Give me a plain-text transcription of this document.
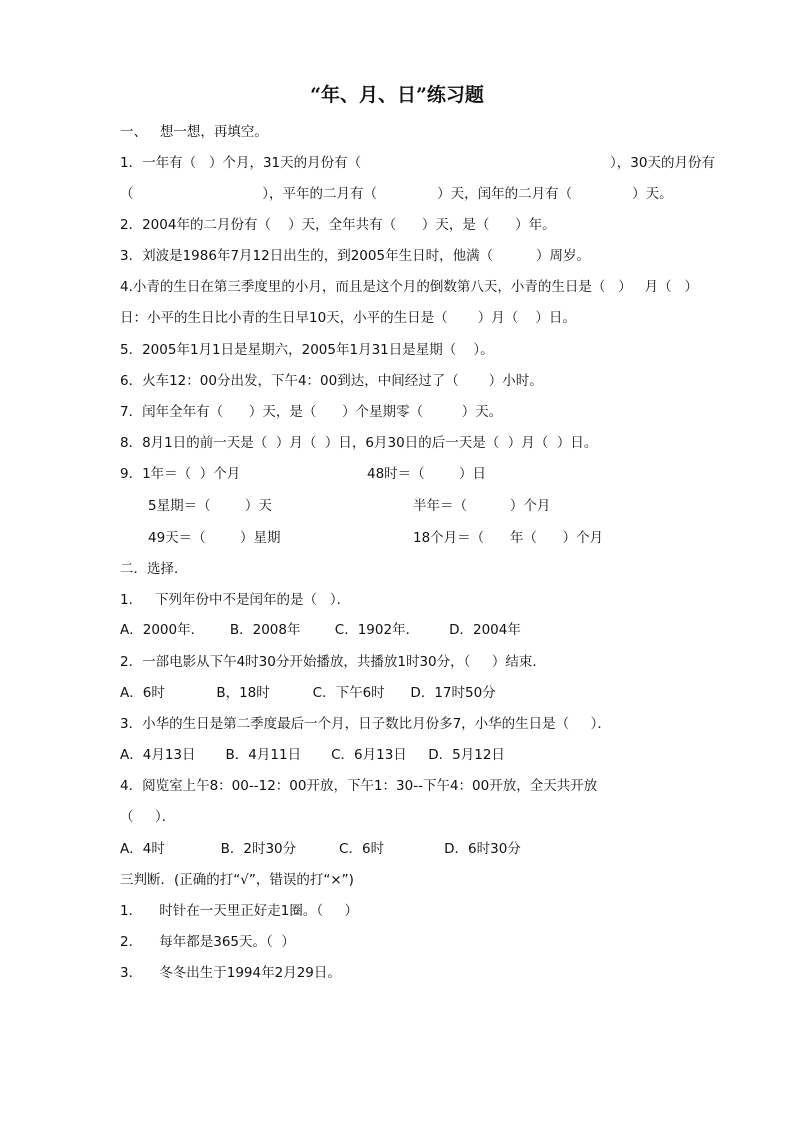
“年、月、日”练习题
一、   想一想，再填空。
1．一年有（   ）个月，31天的月份有（                                                          ），30天的月份有
（                              ），平年的二月有（              ）天，闰年的二月有（              ）天。
2．2004年的二月份有（    ）天，全年共有（      ）天，是（      ）年。
3．刘波是1986年7月12日出生的，到2005年生日时，他满（          ）周岁。
4.小青的生日在第三季度里的小月，而且是这个月的倒数第八天，小青的生日是（   ）   月（   ）
日：小平的生日比小青的生日早10天，小平的生日是（       ）月（    ）日。
5．2005年1月1日是星期六，2005年1月31日是星期（    ）。
6．火车12：00分出发，下午4：00到达，中间经过了（       ）小时。
7．闰年全年有（      ）天，是（      ）个星期零（         ）天。
8．8月1日的前一天是（  ）月（  ）日，6月30日的后一天是（  ）月（  ）日。
9．1年＝（  ）个月	48时＝（        ）日
5星期＝（        ）天	半年＝（          ）个月
49天＝（        ）星期	18个月＝（      年（      ）个月
二．选择．
1．   下列年份中不是闰年的是（   ）．
A．2000年．      B．2008年        C．1902年．       D．2004年
2．一部电影从下午4时30分开始播放，共播放1时30分，（     ）结束．
A．6时            B，18时          C．下午6时      D．17时50分
3．小华的生日是第二季度最后一个月，日子数比月份多7，小华的生日是（     ）．
A．4月13日       B．4月11日       C．6月13日     D．5月12日
4．阅览室上午8：00--12：00开放，下午1：30--下午4：00开放，全天共开放
（     ）．
A．4时             B．2时30分          C．6时              D．6时30分
三判断．(正确的打“√”，错误的打“×”)
1．    时针在一天里正好走1圈。（     ）
2．    每年都是365天。（  ）
3．    冬冬出生于1994年2月29日。
